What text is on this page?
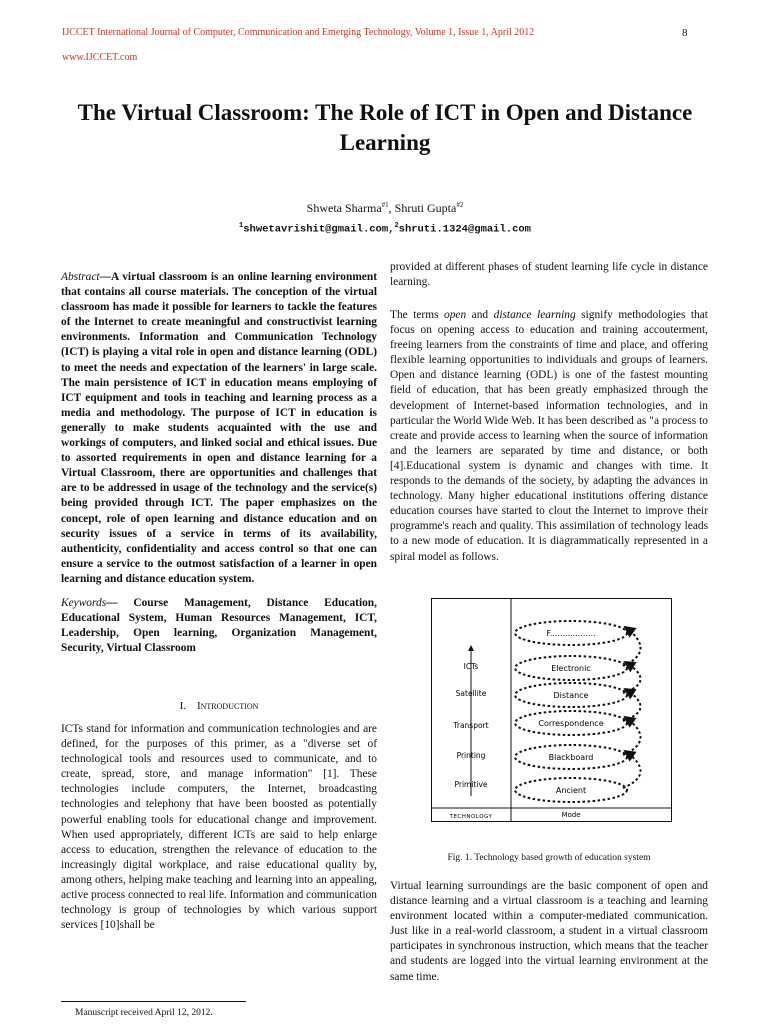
IJCCET International Journal of Computer, Communication and Emerging Technology, Volume 1, Issue 1, April 2012	8
www.IJCCET.com
The Virtual Classroom: The Role of ICT in Open and Distance Learning
Shweta Sharma$^{\#1}$, Shruti Gupta$^{\#2}$
$^1$shwetavrishit@gmail.com,$^2$shruti.1324@gmail.com
Abstract—A virtual classroom is an online learning environment that contains all course materials. The conception of the virtual classroom has made it possible for learners to tackle the features of the Internet to create meaningful and constructivist learning environments. Information and Communication Technology (ICT) is playing a vital role in open and distance learning (ODL) to meet the needs and expectation of the learners' in large scale. The main persistence of ICT in education means employing of ICT equipment and tools in teaching and learning process as a media and methodology. The purpose of ICT in education is generally to make students acquainted with the use and workings of computers, and linked social and ethical issues. Due to assorted requirements in open and distance learning for a Virtual Classroom, there are opportunities and challenges that are to be addressed in usage of the technology and the service(s) being provided through ICT. The paper emphasizes on the concept, role of open learning and distance education and on security issues of a service in terms of its availability, authenticity, confidentiality and access control so that one can ensure a service to the outmost satisfaction of a learner in open learning and distance education system.
Keywords— Course Management, Distance Education, Educational System, Human Resources Management, ICT, Leadership, Open learning, Organization Management, Security, Virtual Classroom
I. Introduction
ICTs stand for information and communication technologies and are defined, for the purposes of this primer, as a "diverse set of technological tools and resources used to communicate, and to create, spread, store, and manage information" [1]. These technologies include computers, the Internet, broadcasting technologies and telephony that have been boosted as potentially powerful enabling tools for educational change and improvement. When used appropriately, different ICTs are said to help enlarge access to education, strengthen the relevance of education to the increasingly digital workplace, and raise educational quality by, among others, helping make teaching and learning into an appealing, active process connected to real life. Information and communication technology is group of technologies by which various support services [10]shall be
Manuscript received April 12, 2012.
provided at different phases of student learning life cycle in distance learning.
The terms open and distance learning signify methodologies that focus on opening access to education and training accouterment, freeing learners from the constraints of time and place, and offering flexible learning opportunities to individuals and groups of learners. Open and distance learning (ODL) is one of the fastest mounting field of education, that has been greatly emphasized through the development of Internet-based information technologies, and in particular the World Wide Web. It has been described as "a process to create and provide access to learning when the source of information and the learners are separated by time and distance, or both [4].Educational system is dynamic and changes with time. It responds to the demands of the society, by adapting the advances in technology. Many higher educational institutions offering distance education courses have started to clout the Internet to improve their programme's reach and quality. This assimilation of technology leads to a new mode of education. It is diagrammatically represented in a spiral model as follows.
ICTs
Satellite
Transport
Printing
Primitive
F..................
Electronic
Distance
Correspondence
Blackboard
Ancient
TECHNOLOGY	Mode
Fig. 1. Technology based growth of education system
Virtual learning surroundings are the basic component of open and distance learning and a virtual classroom is a teaching and learning environment located within a computer-mediated communication. Just like in a real-world classroom, a student in a virtual classroom participates in synchronous instruction, which means that the teacher and students are logged into the virtual learning environment at the same time.
